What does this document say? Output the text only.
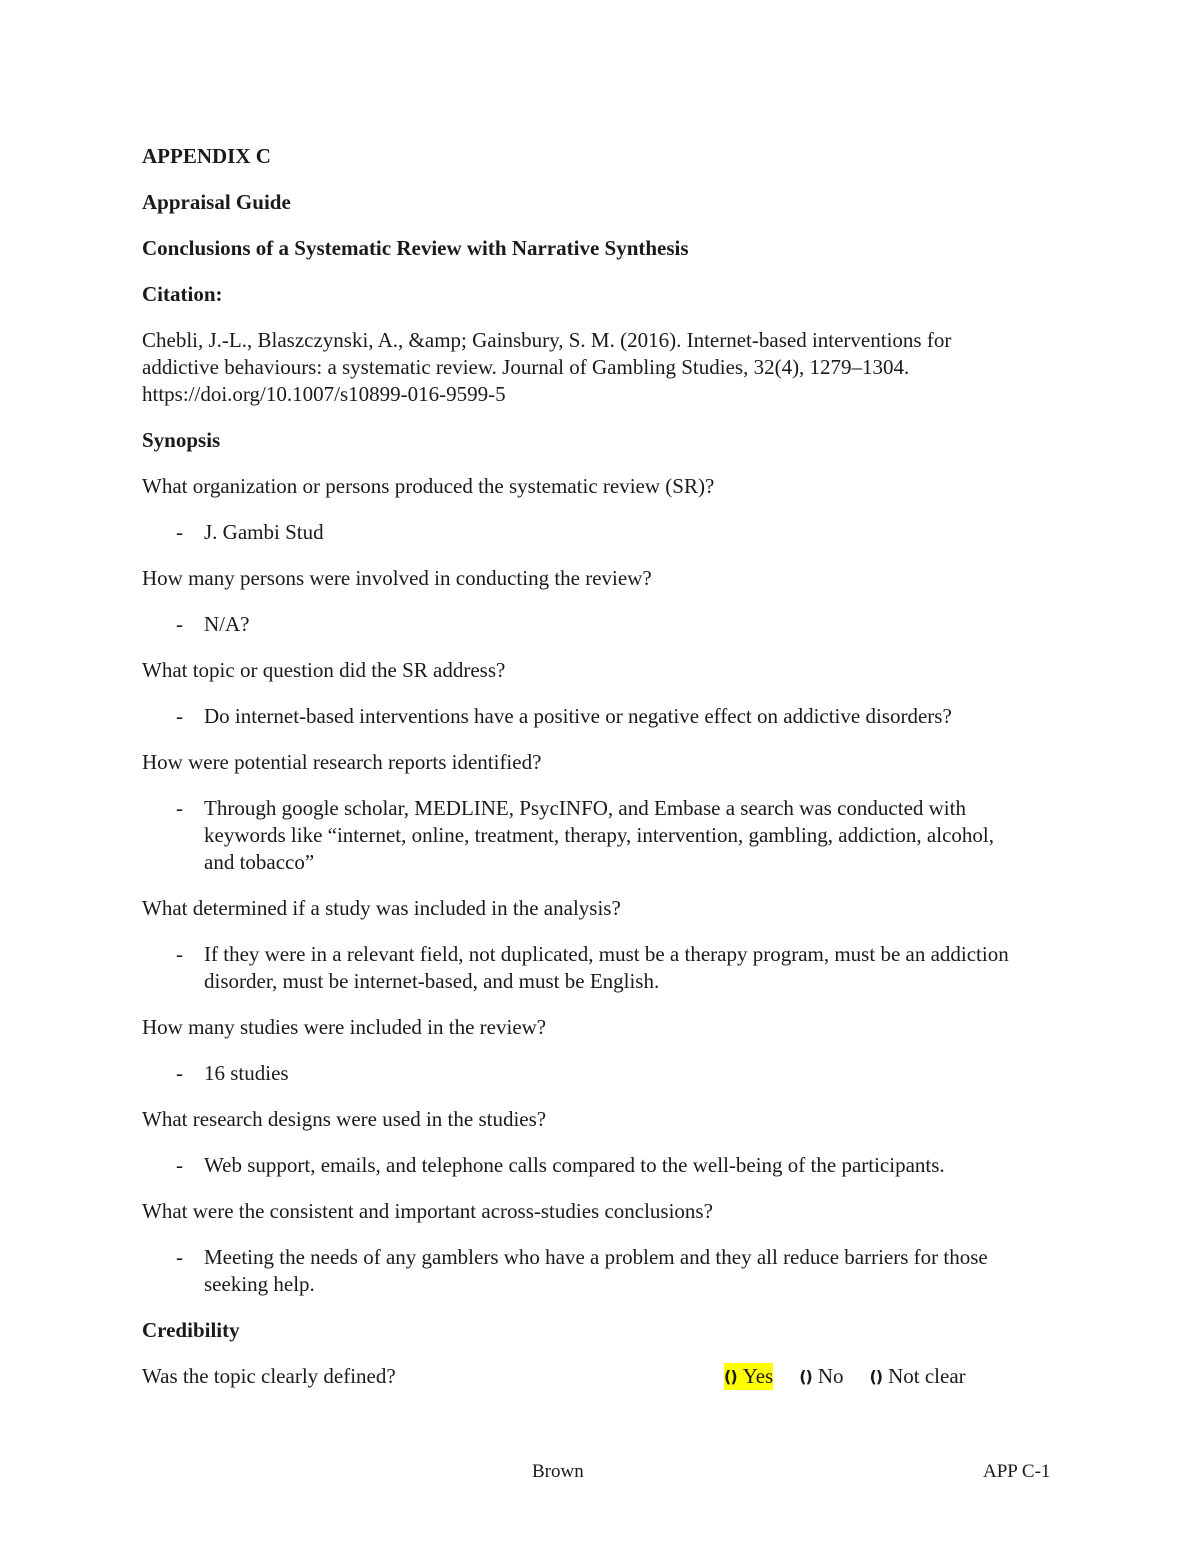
APPENDIX C
Appraisal Guide
Conclusions of a Systematic Review with Narrative Synthesis
Citation:
Chebli, J.-L., Blaszczynski, A., &amp; Gainsbury, S. M. (2016). Internet-based interventions for
addictive behaviours: a systematic review. Journal of Gambling Studies, 32(4), 1279–1304.
https://doi.org/10.1007/s10899-016-9599-5
Synopsis
What organization or persons produced the systematic review (SR)?
-	J. Gambi Stud
How many persons were involved in conducting the review?
-	N/A?
What topic or question did the SR address?
-	Do internet-based interventions have a positive or negative effect on addictive disorders?
How were potential research reports identified?
-	Through google scholar, MEDLINE, PsycINFO, and Embase a search was conducted with keywords like “internet, online, treatment, therapy, intervention, gambling, addiction, alcohol, and tobacco”
What determined if a study was included in the analysis?
-	If they were in a relevant field, not duplicated, must be a therapy program, must be an addiction disorder, must be internet-based, and must be English.
How many studies were included in the review?
-	16 studies
What research designs were used in the studies?
-	Web support, emails, and telephone calls compared to the well-being of the participants.
What were the consistent and important across-studies conclusions?
-	Meeting the needs of any gamblers who have a problem and they all reduce barriers for those seeking help.
Credibility
Was the topic clearly defined?	() Yes () No () Not clear
Brown	APP C-1
